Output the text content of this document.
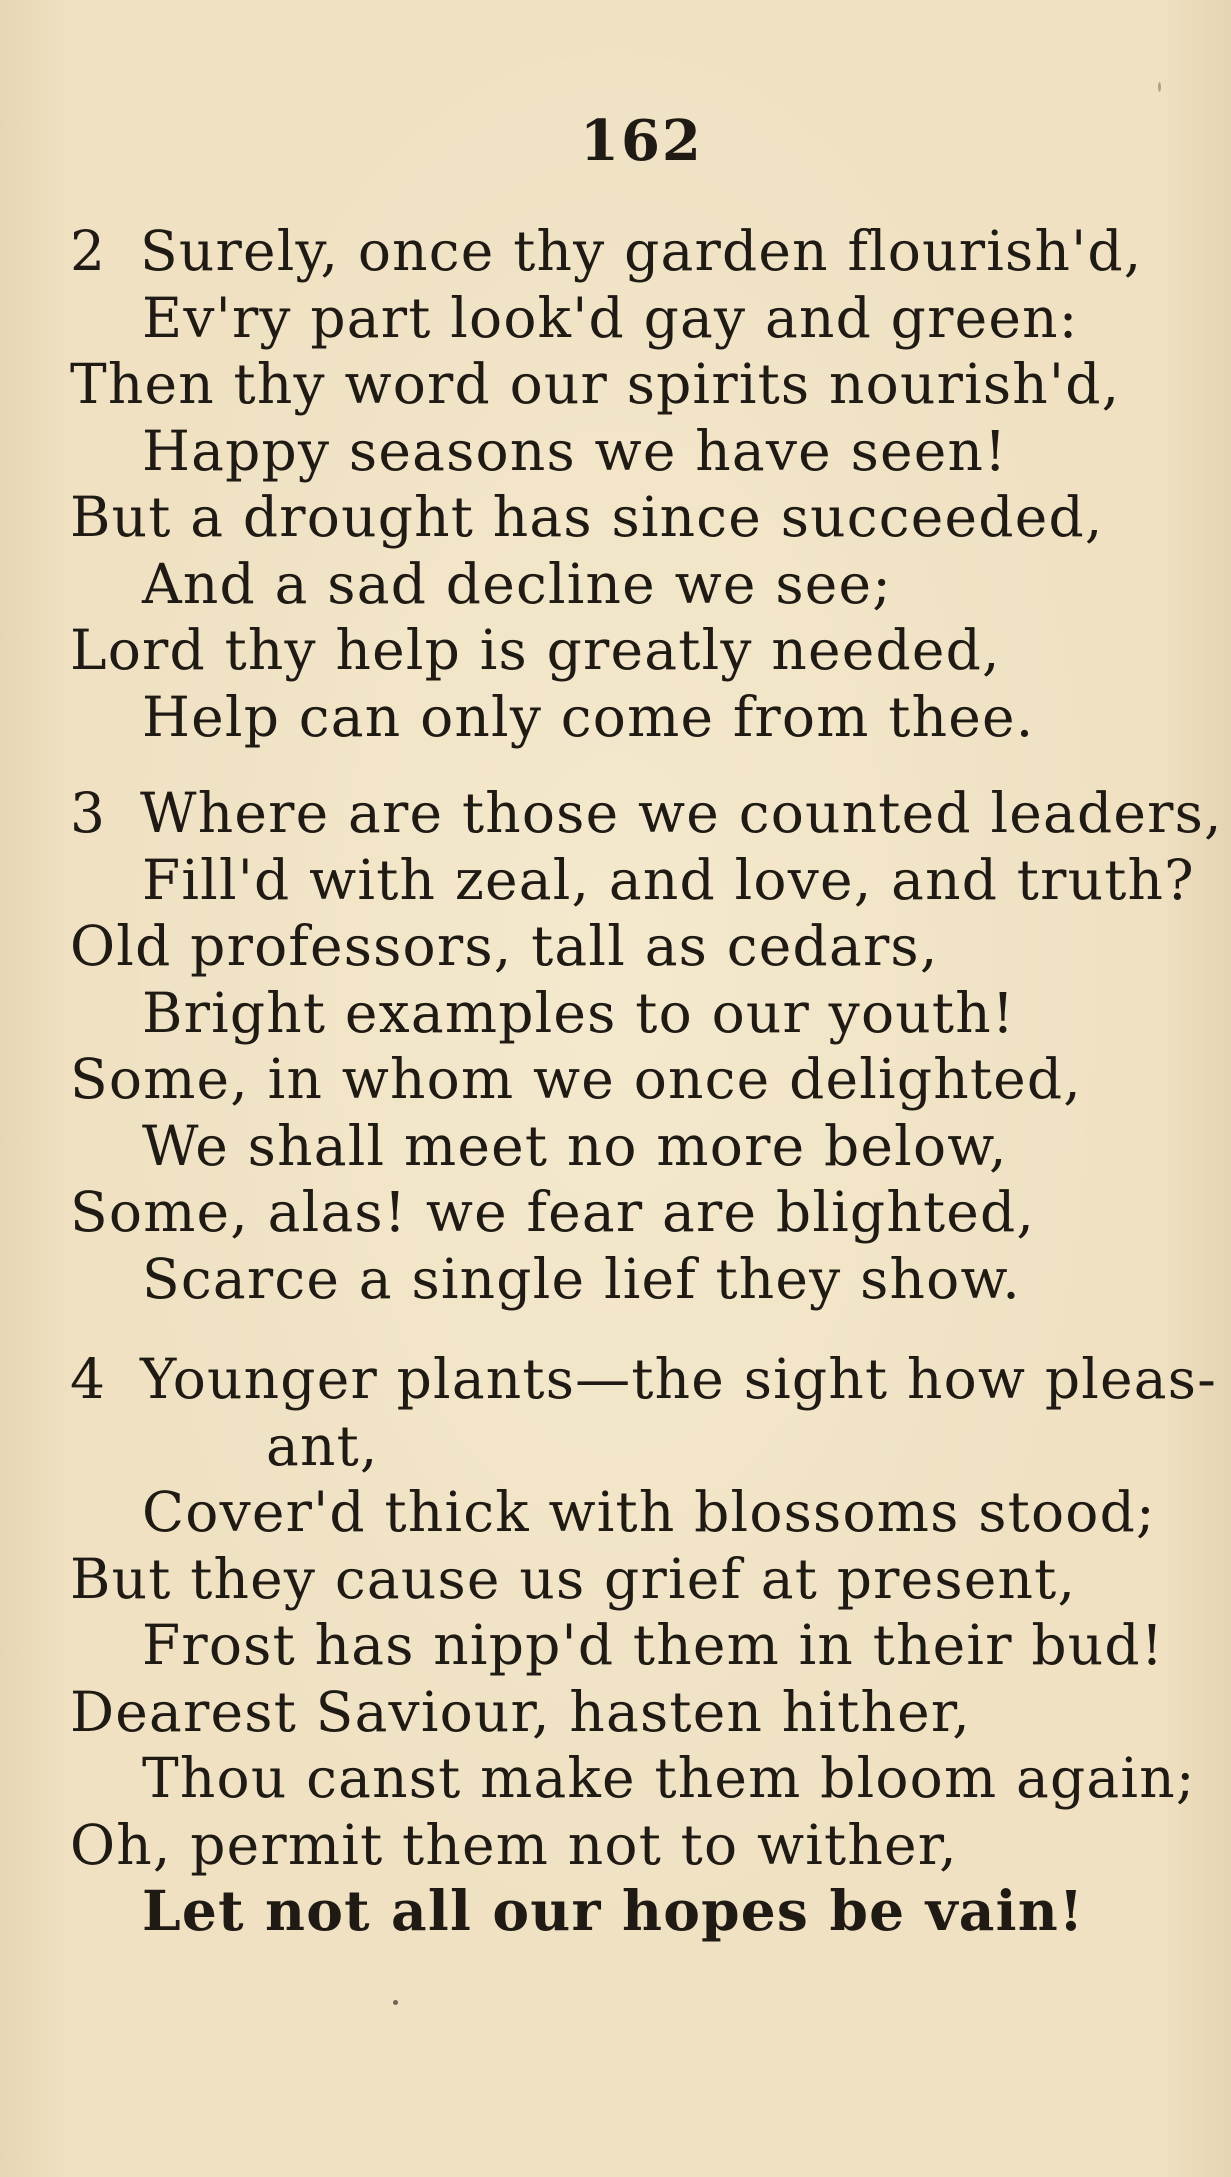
162
2 Surely, once thy garden flourish'd,
Ev'ry part look'd gay and green:
Then thy word our spirits nourish'd,
Happy seasons we have seen!
But a drought has since succeeded,
And a sad decline we see;
Lord thy help is greatly needed,
Help can only come from thee.
3 Where are those we counted leaders,
Fill'd with zeal, and love, and truth?
Old professors, tall as cedars,
Bright examples to our youth!
Some, in whom we once delighted,
We shall meet no more below,
Some, alas! we fear are blighted,
Scarce a single lief they show.
4 Younger plants—the sight how pleas-
ant,
Cover'd thick with blossoms stood;
But they cause us grief at present,
Frost has nipp'd them in their bud!
Dearest Saviour, hasten hither,
Thou canst make them bloom again;
Oh, permit them not to wither,
Let not all our hopes be vain!
